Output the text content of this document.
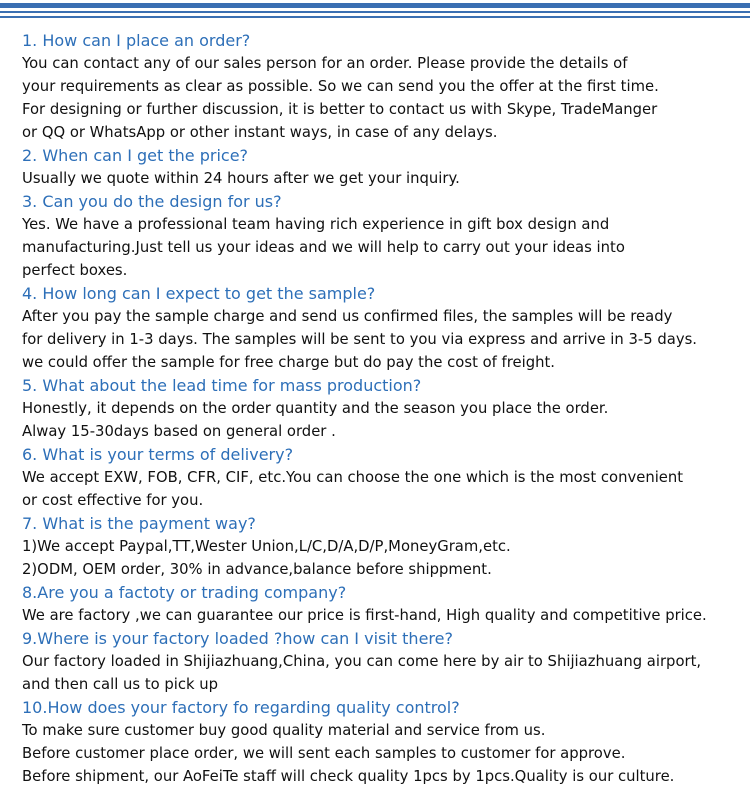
1. How can I place an order?
You can contact any of our sales person for an order. Please provide the details of
your requirements as clear as possible. So we can send you the offer at the first time.
For designing or further discussion, it is better to contact us with Skype, TradeManger
or QQ or WhatsApp or other instant ways, in case of any delays.
2. When can I get the price?
Usually we quote within 24 hours after we get your inquiry.
3. Can you do the design for us?
Yes. We have a professional team having rich experience in gift box design and
manufacturing.Just tell us your ideas and we will help to carry out your ideas into
perfect boxes.
4. How long can I expect to get the sample?
After you pay the sample charge and send us confirmed files, the samples will be ready
for delivery in 1-3 days. The samples will be sent to you via express and arrive in 3-5 days.
we could offer the sample for free charge but do pay the cost of freight.
5. What about the lead time for mass production?
Honestly, it depends on the order quantity and the season you place the order.
Alway 15-30days based on general order .
6. What is your terms of delivery?
We accept EXW, FOB, CFR, CIF, etc.You can choose the one which is the most convenient
or cost effective for you.
7. What is the payment way?
1)We accept Paypal,TT,Wester Union,L/C,D/A,D/P,MoneyGram,etc.
2)ODM, OEM order, 30% in advance,balance before shippment.
8.Are you a factoty or trading company?
We are factory ,we can guarantee our price is first-hand, High quality and competitive price.
9.Where is your factory loaded ?how can I visit there?
Our factory loaded in Shijiazhuang,China, you can come here by air to Shijiazhuang airport,
and then call us to pick up
10.How does your factory fo regarding quality control?
To make sure customer buy good quality material and service from us.
Before customer place order, we will sent each samples to customer for approve.
Before shipment, our AoFeiTe staff will check quality 1pcs by 1pcs.Quality is our culture.
